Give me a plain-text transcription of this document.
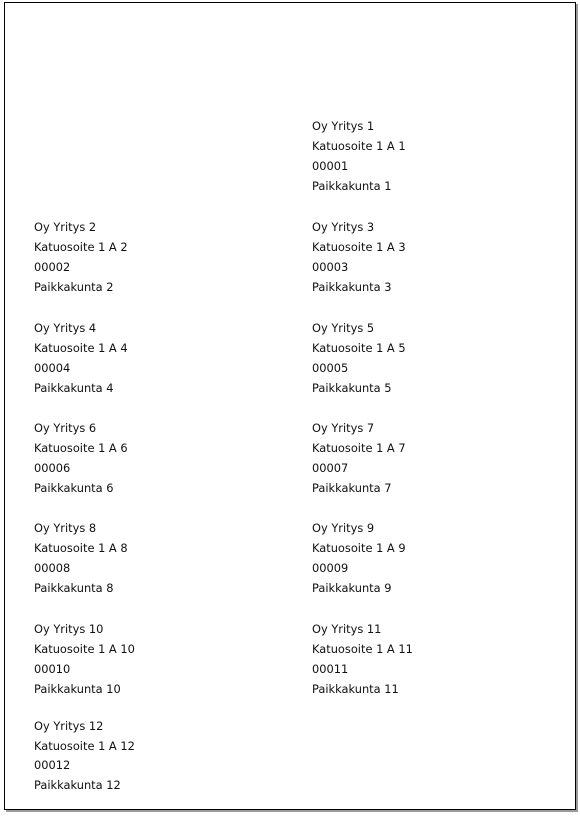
Oy Yritys 1
Katuosoite 1 A 1
00001
Paikkakunta 1
Oy Yritys 2
Katuosoite 1 A 2
00002
Paikkakunta 2
Oy Yritys 3
Katuosoite 1 A 3
00003
Paikkakunta 3
Oy Yritys 4
Katuosoite 1 A 4
00004
Paikkakunta 4
Oy Yritys 5
Katuosoite 1 A 5
00005
Paikkakunta 5
Oy Yritys 6
Katuosoite 1 A 6
00006
Paikkakunta 6
Oy Yritys 7
Katuosoite 1 A 7
00007
Paikkakunta 7
Oy Yritys 8
Katuosoite 1 A 8
00008
Paikkakunta 8
Oy Yritys 9
Katuosoite 1 A 9
00009
Paikkakunta 9
Oy Yritys 10
Katuosoite 1 A 10
00010
Paikkakunta 10
Oy Yritys 11
Katuosoite 1 A 11
00011
Paikkakunta 11
Oy Yritys 12
Katuosoite 1 A 12
00012
Paikkakunta 12
